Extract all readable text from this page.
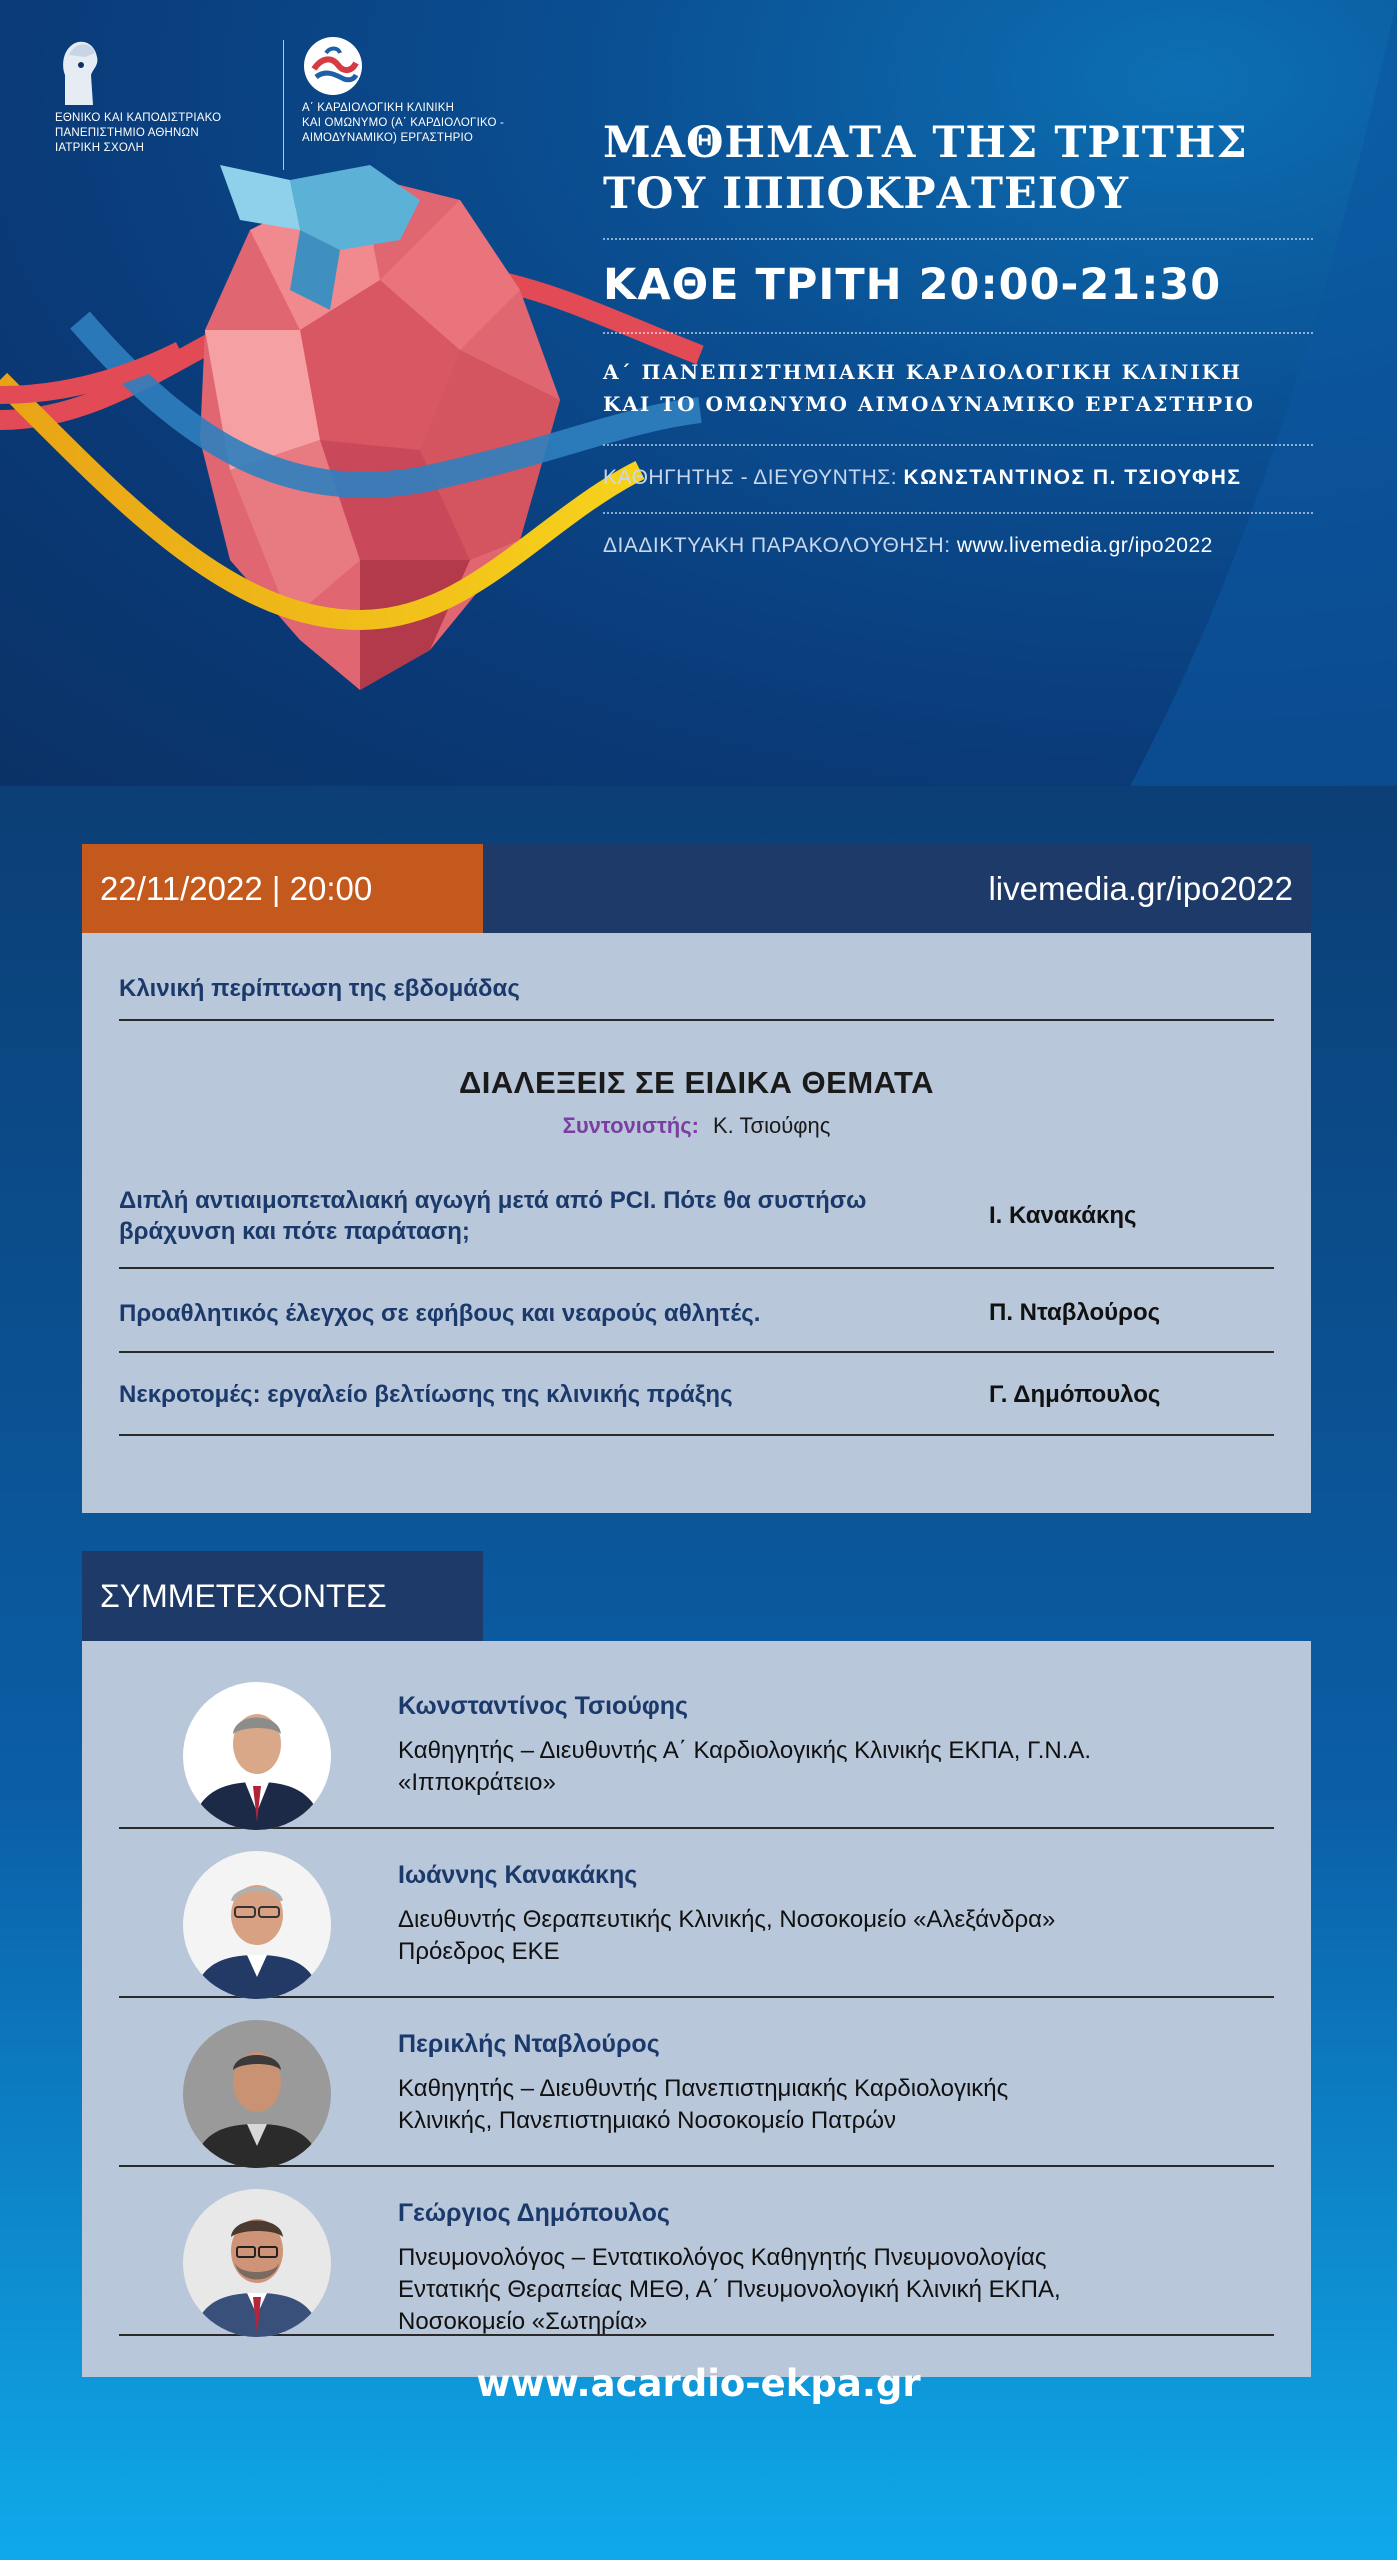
ΕΘΝΙΚΟ ΚΑΙ ΚΑΠΟΔΙΣΤΡΙΑΚΟ
ΠΑΝΕΠΙΣΤΗΜΙΟ ΑΘΗΝΩΝ
ΙΑΤΡΙΚΗ ΣΧΟΛΗ
Α΄ ΚΑΡΔΙΟΛΟΓΙΚΗ ΚΛΙΝΙΚΗ
ΚΑΙ ΟΜΩΝΥΜΟ (Α΄ ΚΑΡΔΙΟΛΟΓΙΚΟ -
ΑΙΜΟΔΥΝΑΜΙΚΟ) ΕΡΓΑΣΤΗΡΙΟ	ΜΑΘΗΜΑΤΑ ΤΗΣ ΤΡΙΤΗΣ
ΤΟΥ ΙΠΠΟΚΡΑΤΕΙΟΥ
ΚΑΘΕ ΤΡΙΤΗ 20:00-21:30
Α΄ ΠΑΝΕΠΙΣΤΗΜΙΑΚΗ ΚΑΡΔΙΟΛΟΓΙΚΗ ΚΛΙΝΙΚΗ
ΚΑΙ ΤΟ ΟΜΩΝΥΜΟ ΑΙΜΟΔΥΝΑΜΙΚΟ ΕΡΓΑΣΤΗΡΙΟ
ΚΑΘΗΓΗΤΗΣ - ΔΙΕΥΘΥΝΤΗΣ: ΚΩΝΣΤΑΝΤΙΝΟΣ Π. ΤΣΙΟΥΦΗΣ
ΔΙΑΔΙΚΤΥΑΚΗ ΠΑΡΑΚΟΛΟΥΘΗΣΗ: www.livemedia.gr/ipo2022
22/11/2022 | 20:00	livemedia.gr/ipo2022
Κλινική περίπτωση της εβδομάδας
ΔΙΑΛΕΞΕΙΣ ΣΕ ΕΙΔΙΚΑ ΘΕΜΑΤΑ
Συντονιστής: Κ. Τσιούφης
Διπλή αντιαιμοπεταλιακή αγωγή μετά από PCI. Πότε θα συστήσω βράχυνση και πότε παράταση;
Ι. Κανακάκης
Προαθλητικός έλεγχος σε εφήβους και νεαρούς αθλητές.	Π. Νταβλούρος
Νεκροτομές: εργαλείο βελτίωσης της κλινικής πράξης	Γ. Δημόπουλος
ΣΥΜΜΕΤΕΧΟΝΤΕΣ
Κωνσταντίνος Τσιούφης
Καθηγητής – Διευθυντής Α΄ Καρδιολογικής Κλινικής ΕΚΠΑ, Γ.Ν.Α.
«Ιπποκράτειο»
Ιωάννης Κανακάκης
Διευθυντής Θεραπευτικής Κλινικής, Νοσοκομείο «Αλεξάνδρα»
Πρόεδρος ΕΚΕ
Περικλής Νταβλούρος
Καθηγητής – Διευθυντής Πανεπιστημιακής Καρδιολογικής
Κλινικής, Πανεπιστημιακό Νοσοκομείο Πατρών
Γεώργιος Δημόπουλος
Πνευμονολόγος – Εντατικολόγος Καθηγητής Πνευμονολογίας
Εντατικής Θεραπείας ΜΕΘ, Α΄ Πνευμονολογική Κλινική ΕΚΠΑ,
Νοσοκομείο «Σωτηρία»
www.acardio-ekpa.gr
